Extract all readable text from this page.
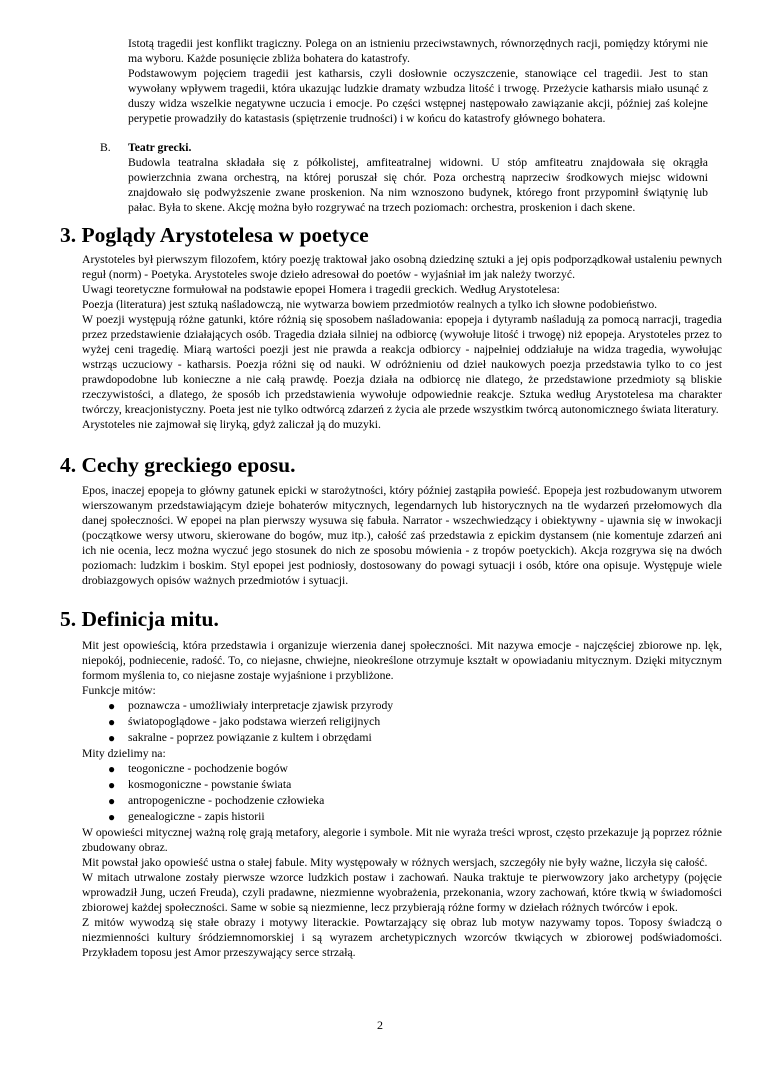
Istotą tragedii jest konflikt tragiczny. Polega on an istnieniu przeciwstawnych, równorzędnych racji, pomiędzy którymi nie ma wyboru. Każde posunięcie zbliża bohatera do katastrofy.

Podstawowym pojęciem tragedii jest katharsis, czyli dosłownie oczyszczenie, stanowiące cel tragedii. Jest to stan wywołany wpływem tragedii, która ukazując ludzkie dramaty wzbudza litość i trwogę. Przeżycie katharsis miało usunąć z duszy widza wszelkie negatywne uczucia i emocje. Po części wstępnej następowało zawiązanie akcji, później zaś kolejne perypetie prowadziły do katastasis (spiętrzenie trudności) i w końcu do katastrofy głównego bohatera.

B. Teatr grecki.

Budowla teatralna składała się z półkolistej, amfiteatralnej widowni. U stóp amfiteatru znajdowała się okrągła powierzchnia zwana orchestrą, na której poruszał się chór. Poza orchestrą naprzeciw środkowych miejsc widowni znajdowało się podwyższenie zwane proskenion. Na nim wznoszono budynek, którego front przypominł świątynię lub pałac. Była to skene. Akcję można było rozgrywać na trzech poziomach: orchestra, proskenion i dach skene.

3. Poglądy Arystotelesa w poetyce

Arystoteles był pierwszym filozofem, który poezję traktował jako osobną dziedzinę sztuki a jej opis podporządkował ustaleniu pewnych reguł (norm) - Poetyka. Arystoteles swoje dzieło adresował do poetów - wyjaśniał im jak należy tworzyć.

Uwagi teoretyczne formułował na podstawie epopei Homera i tragedii greckich. Według Arystotelesa:

Poezja (literatura) jest sztuką naśladowczą, nie wytwarza bowiem przedmiotów realnych a tylko ich słowne podobieństwo.

W poezji występują różne gatunki, które różnią się sposobem naśladowania: epopeja i dytyramb naśladują za pomocą narracji, tragedia przez przedstawienie działających osób. Tragedia działa silniej na odbiorcę (wywołuje litość i trwogę) niż epopeja. Arystoteles przez to wyżej ceni tragedię. Miarą wartości poezji jest nie prawda a reakcja odbiorcy - najpełniej oddziałuje na widza tragedia, wywołując wstrząs uczuciowy - katharsis. Poezja różni się od nauki. W odróżnieniu od dzieł naukowych poezja przedstawia tylko to co jest prawdopodobne lub konieczne a nie całą prawdę. Poezja działa na odbiorcę nie dlatego, że przedstawione przedmioty są bliskie rzeczywistości, a dlatego, że sposób ich przedstawienia wywołuje odpowiednie reakcje. Sztuka według Arystotelesa ma charakter twórczy, kreacjonistyczny. Poeta jest nie tylko odtwórcą zdarzeń z życia ale przede wszystkim twórcą autonomicznego świata literatury.

Arystoteles nie zajmował się liryką, gdyż zaliczał ją do muzyki.

4. Cechy greckiego eposu.

Epos, inaczej epopeja to główny gatunek epicki w starożytności, który później zastąpiła powieść. Epopeja jest rozbudowanym utworem wierszowanym przedstawiającym dzieje bohaterów mitycznych, legendarnych lub historycznych na tle wydarzeń przełomowych dla danej społeczności. W epopei na plan pierwszy wysuwa się fabuła. Narrator - wszechwiedzący i obiektywny - ujawnia się w inwokacji (początkowe wersy utworu, skierowane do bogów, muz itp.), całość zaś przedstawia z epickim dystansem (nie komentuje zdarzeń ani ich nie ocenia, lecz można wyczuć jego stosunek do nich ze sposobu mówienia - z tropów poetyckich). Akcja rozgrywa się na dwóch poziomach: ludzkim i boskim. Styl epopei jest podniosły, dostosowany do powagi sytuacji i osób, które ona opisuje. Występuje wiele drobiazgowych opisów ważnych przedmiotów i sytuacji.

5. Definicja mitu.

Mit jest opowieścią, która przedstawia i organizuje wierzenia danej społeczności. Mit nazywa emocje - najczęściej zbiorowe np. lęk, niepokój, podniecenie, radość. To, co niejasne, chwiejne, nieokreślone otrzymuje kształt w opowiadaniu mitycznym. Dzięki mitycznym formom myślenia to, co niejasne zostaje wyjaśnione i przybliżone.

Funkcje mitów:

● poznawcza - umożliwiały interpretacje zjawisk przyrody
● światopoglądowe - jako podstawa wierzeń religijnych
● sakralne - poprzez powiązanie z kultem i obrzędami

Mity dzielimy na:

● teogoniczne - pochodzenie bogów
● kosmogoniczne - powstanie świata
● antropogeniczne - pochodzenie człowieka
● genealogiczne - zapis historii

W opowieści mitycznej ważną rolę grają metafory, alegorie i symbole. Mit nie wyraża treści wprost, często przekazuje ją poprzez różnie zbudowany obraz.

Mit powstał jako opowieść ustna o stałej fabule. Mity występowały w różnych wersjach, szczegóły nie były ważne, liczyła się całość.

W mitach utrwalone zostały pierwsze wzorce ludzkich postaw i zachowań. Nauka traktuje te pierwowzory jako archetypy (pojęcie wprowadził Jung, uczeń Freuda), czyli pradawne, niezmienne wyobrażenia, przekonania, wzory zachowań, które tkwią w świadomości zbiorowej każdej społeczności. Same w sobie są niezmienne, lecz przybierają różne formy w dziełach różnych twórców i epok.

Z mitów wywodzą się stałe obrazy i motywy literackie. Powtarzający się obraz lub motyw nazywamy topos. Toposy świadczą o niezmienności kultury śródziemnomorskiej i są wyrazem archetypicznych wzorców tkwiących w zbiorowej podświadomości. Przykładem toposu jest Amor przeszywający serce strzałą.

2
